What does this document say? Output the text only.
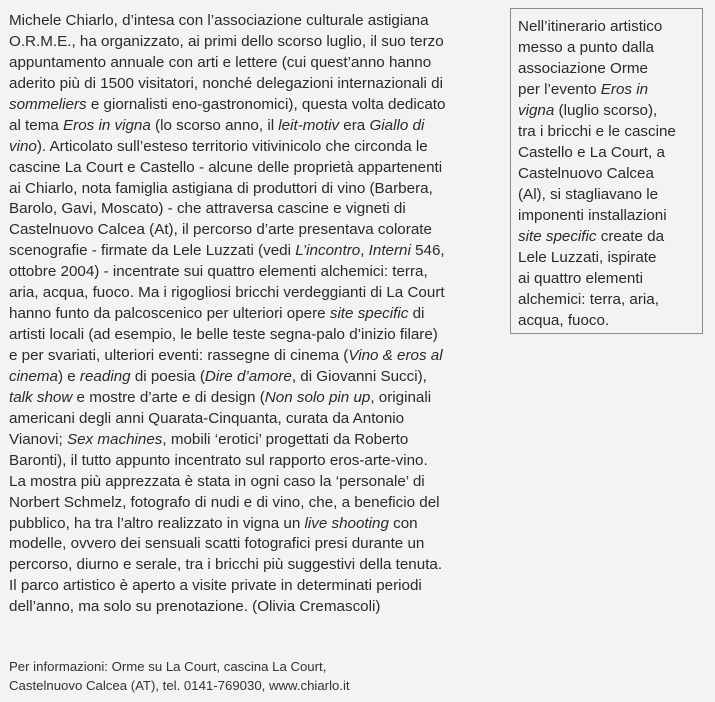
Michele Chiarlo, d’intesa con l’associazione culturale astigiana
O.R.M.E., ha organizzato, ai primi dello scorso luglio, il suo terzo
appuntamento annuale con arti e lettere (cui quest’anno hanno
aderito più di 1500 visitatori, nonché delegazioni internazionali di
sommeliers e giornalisti eno-gastronomici), questa volta dedicato
al tema Eros in vigna (lo scorso anno, il leit-motiv era Giallo di
vino). Articolato sull’esteso territorio vitivinicolo che circonda le
cascine La Court e Castello - alcune delle proprietà appartenenti
ai Chiarlo, nota famiglia astigiana di produttori di vino (Barbera,
Barolo, Gavi, Moscato) - che attraversa cascine e vigneti di
Castelnuovo Calcea (At), il percorso d’arte presentava colorate
scenografie - firmate da Lele Luzzati (vedi L’incontro, Interni 546,
ottobre 2004) - incentrate sui quattro elementi alchemici: terra,
aria, acqua, fuoco. Ma i rigogliosi bricchi verdeggianti di La Court
hanno funto da palcoscenico per ulteriori opere site specific di
artisti locali (ad esempio, le belle teste segna-palo d’inizio filare)
e per svariati, ulteriori eventi: rassegne di cinema (Vino & eros al
cinema) e reading di poesia (Dire d’amore, di Giovanni Succi),
talk show e mostre d’arte e di design (Non solo pin up, originali
americani degli anni Quarata-Cinquanta, curata da Antonio
Vianovi; Sex machines, mobili ‘erotici’ progettati da Roberto
Baronti), il tutto appunto incentrato sul rapporto eros-arte-vino.
La mostra più apprezzata è stata in ogni caso la ‘personale’ di
Norbert Schmelz, fotografo di nudi e di vino, che, a beneficio del
pubblico, ha tra l’altro realizzato in vigna un live shooting con
modelle, ovvero dei sensuali scatti fotografici presi durante un
percorso, diurno e serale, tra i bricchi più suggestivi della tenuta.
Il parco artistico è aperto a visite private in determinati periodi
dell’anno, ma solo su prenotazione. (Olivia Cremascoli)
Nell’itinerario artistico
messo a punto dalla
associazione Orme
per l’evento Eros in
vigna (luglio scorso),
tra i bricchi e le cascine
Castello e La Court, a
Castelnuovo Calcea
(Al), si stagliavano le
imponenti installazioni
site specific create da
Lele Luzzati, ispirate
ai quattro elementi
alchemici: terra, aria,
acqua, fuoco.
Per informazioni: Orme su La Court, cascina La Court,
Castelnuovo Calcea (AT), tel. 0141-769030, www.chiarlo.it
